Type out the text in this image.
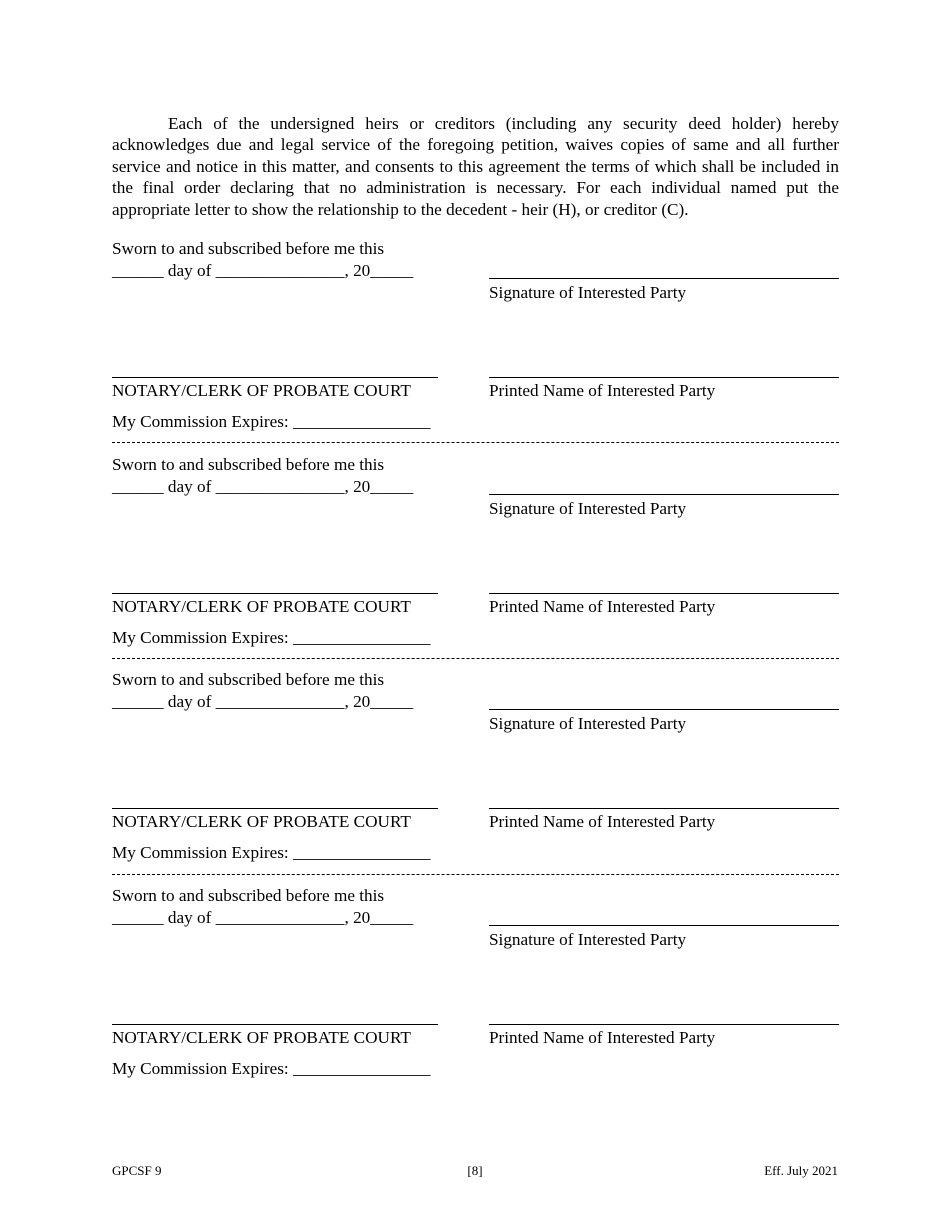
Each of the undersigned heirs or creditors (including any security deed holder) hereby acknowledges due and legal service of the foregoing petition, waives copies of same and all further service and notice in this matter, and consents to this agreement the terms of which shall be included in the final order declaring that no administration is necessary. For each individual named put the appropriate letter to show the relationship to the decedent - heir (H), or creditor (C).

Sworn to and subscribed before me this
______ day of _______________, 20_____
Signature of Interested Party
NOTARY/CLERK OF PROBATE COURT	Printed Name of Interested Party
My Commission Expires: ________________
Sworn to and subscribed before me this
______ day of _______________, 20_____
Signature of Interested Party
NOTARY/CLERK OF PROBATE COURT	Printed Name of Interested Party
My Commission Expires: ________________
Sworn to and subscribed before me this
______ day of _______________, 20_____
Signature of Interested Party
NOTARY/CLERK OF PROBATE COURT	Printed Name of Interested Party
My Commission Expires: ________________
Sworn to and subscribed before me this
______ day of _______________, 20_____
Signature of Interested Party
NOTARY/CLERK OF PROBATE COURT	Printed Name of Interested Party
My Commission Expires: ________________
GPCSF 9	[8]	Eff. July 2021
